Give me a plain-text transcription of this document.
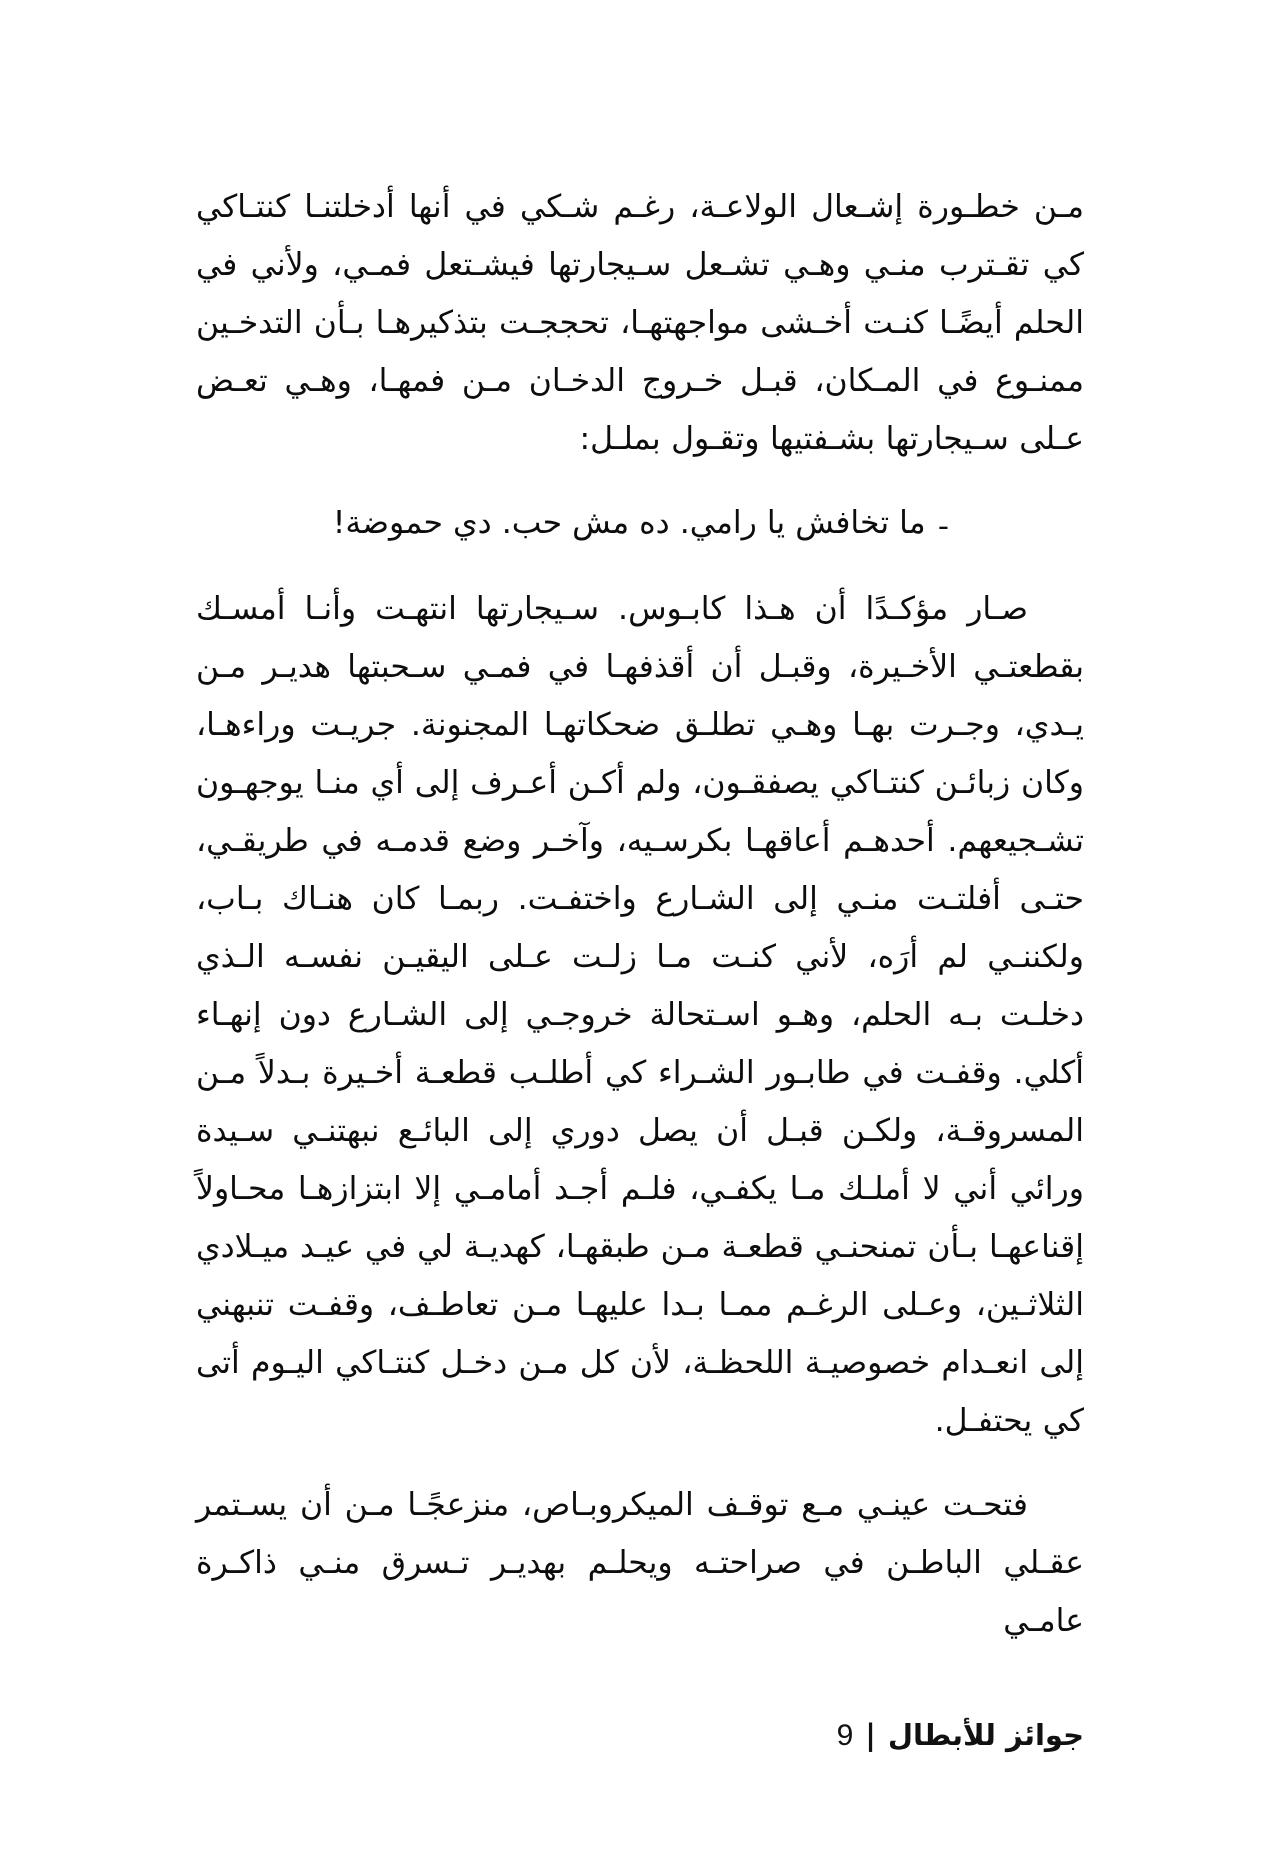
مـن خطـورة إشـعال الولاعـة، رغـم شـكي في أنها أدخلتنـا كنتـاكي كي تقـترب منـي وهـي تشـعل سـيجارتها فيشـتعل فمـي، ولأني في الحلم أيضًـا كنـت أخـشى مواجهتهـا، تحججـت بتذكيرهـا بـأن التدخـين ممنـوع في المـكان، قبـل خـروج الدخـان مـن فمهـا، وهـي تعـض عـلى سـيجارتها بشـفتيها وتقـول بملـل:

ـما تخافش يا رامي. ده مش حب. دي حموضة!

صـار مؤكـدًا أن هـذا كابـوس. سـيجارتها انتهـت وأنـا أمسـك بقطعتـي الأخـيرة، وقبـل أن أقذفهـا في فمـي سـحبتها هديـر مـن يـدي، وجـرت بهـا وهـي تطلـق ضحكاتهـا المجنونة. جريـت وراءهـا، وكان زبائـن كنتـاكي يصفقـون، ولم أكـن أعـرف إلى أي منـا يوجهـون تشـجيعهم. أحدهـم أعاقهـا بكرسـيه، وآخـر وضع قدمـه في طريقـي، حتـى أفلتـت منـي إلى الشـارع واختفـت. ربمـا كان هنـاك بـاب، ولكننـي لم أرَه، لأني كنـت مـا زلـت عـلى اليقيـن نفسـه الـذي دخلـت بـه الحلم، وهـو اسـتحالة خروجـي إلى الشـارع دون إنهـاء أكلي. وقفـت في طابـور الشـراء كي أطلـب قطعـة أخـيرة بـدلاً مـن المسروقـة، ولكـن قبـل أن يصل دوري إلى البائـع نبهتنـي سـيدة ورائي أني لا أملـك مـا يكفـي، فلـم أجـد أمامـي إلا ابتزازهـا محـاولاً إقناعهـا بـأن تمنحنـي قطعـة مـن طبقهـا، كهديـة لي في عيـد ميـلادي الثلاثـين، وعـلى الرغـم ممـا بـدا عليهـا مـن تعاطـف، وقفـت تنبهني إلى انعـدام خصوصيـة اللحظـة، لأن كل مـن دخـل كنتـاكي اليـوم أتى كي يحتفـل.

فتحـت عينـي مـع توقـف الميكروبـاص، منزعجًـا مـن أن يسـتمر عقـلي الباطـن في صراحتـه ويحلـم بهديـر تـسرق منـي ذاكـرة عامـي

جوائز للأبطال
|
9
